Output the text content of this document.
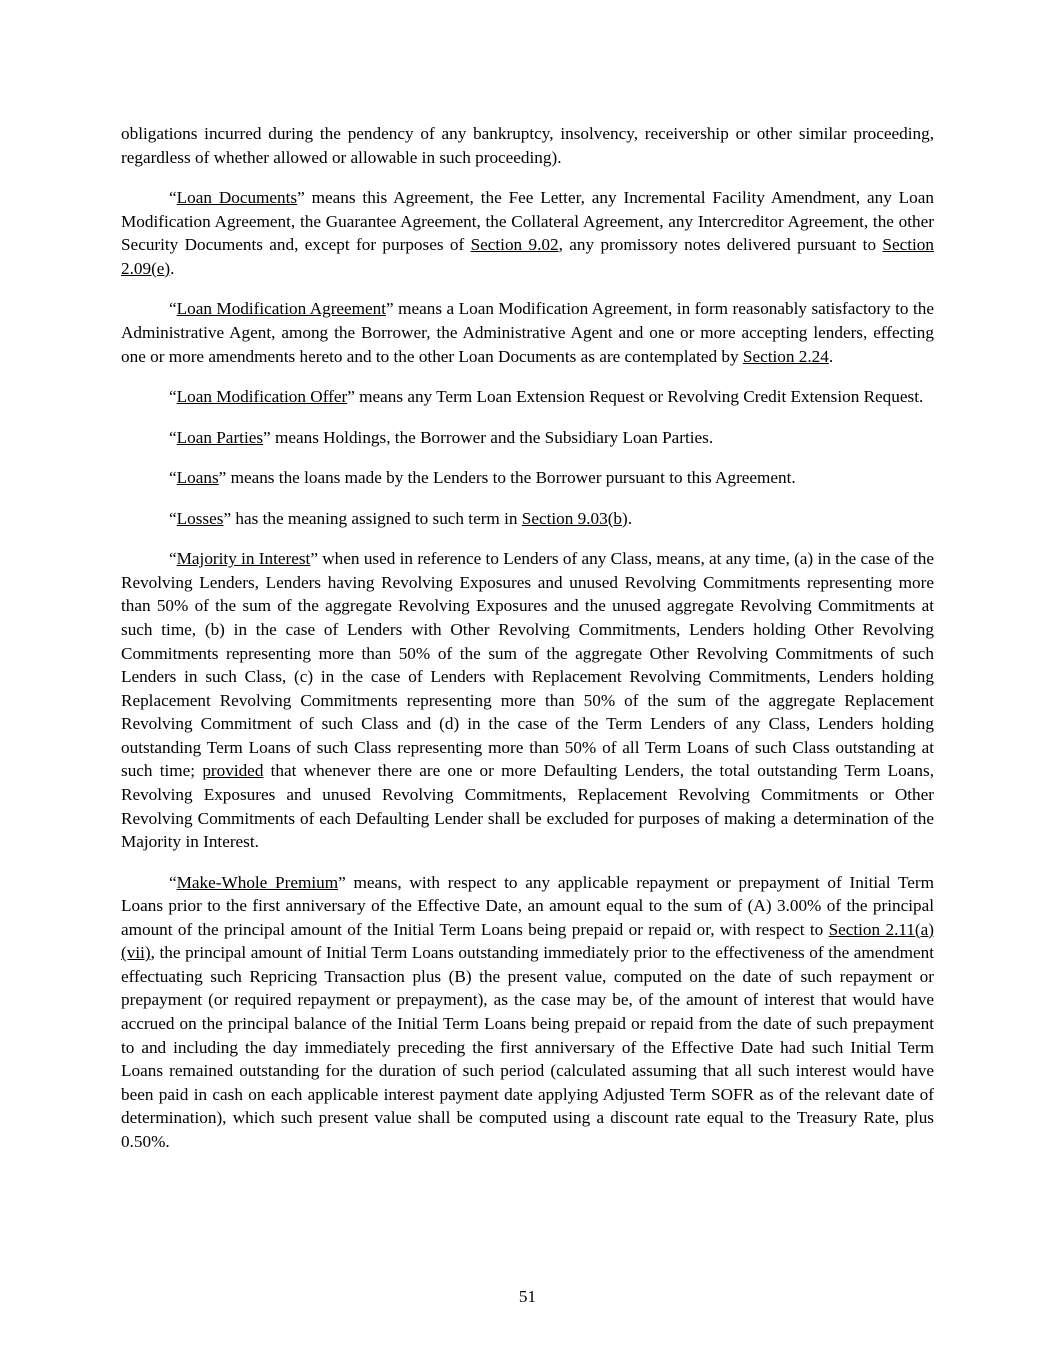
obligations incurred during the pendency of any bankruptcy, insolvency, receivership or other similar proceeding, regardless of whether allowed or allowable in such proceeding).

“Loan Documents” means this Agreement, the Fee Letter, any Incremental Facility Amendment, any Loan Modification Agreement, the Guarantee Agreement, the Collateral Agreement, any Intercreditor Agreement, the other Security Documents and, except for purposes of Section 9.02, any promissory notes delivered pursuant to Section 2.09(e).

“Loan Modification Agreement” means a Loan Modification Agreement, in form reasonably satisfactory to the Administrative Agent, among the Borrower, the Administrative Agent and one or more accepting lenders, effecting one or more amendments hereto and to the other Loan Documents as are contemplated by Section 2.24.

“Loan Modification Offer” means any Term Loan Extension Request or Revolving Credit Extension Request.

“Loan Parties” means Holdings, the Borrower and the Subsidiary Loan Parties.

“Loans” means the loans made by the Lenders to the Borrower pursuant to this Agreement.

“Losses” has the meaning assigned to such term in Section 9.03(b).

“Majority in Interest” when used in reference to Lenders of any Class, means, at any time, (a) in the case of the Revolving Lenders, Lenders having Revolving Exposures and unused Revolving Commitments representing more than 50% of the sum of the aggregate Revolving Exposures and the unused aggregate Revolving Commitments at such time, (b) in the case of Lenders with Other Revolving Commitments, Lenders holding Other Revolving Commitments representing more than 50% of the sum of the aggregate Other Revolving Commitments of such Lenders in such Class, (c) in the case of Lenders with Replacement Revolving Commitments, Lenders holding Replacement Revolving Commitments representing more than 50% of the sum of the aggregate Replacement Revolving Commitment of such Class and (d) in the case of the Term Lenders of any Class, Lenders holding outstanding Term Loans of such Class representing more than 50% of all Term Loans of such Class outstanding at such time; provided that whenever there are one or more Defaulting Lenders, the total outstanding Term Loans, Revolving Exposures and unused Revolving Commitments, Replacement Revolving Commitments or Other Revolving Commitments of each Defaulting Lender shall be excluded for purposes of making a determination of the Majority in Interest.

“Make-Whole Premium” means, with respect to any applicable repayment or prepayment of Initial Term Loans prior to the first anniversary of the Effective Date, an amount equal to the sum of (A) 3.00% of the principal amount of the principal amount of the Initial Term Loans being prepaid or repaid or, with respect to Section 2.11(a)(vii), the principal amount of Initial Term Loans outstanding immediately prior to the effectiveness of the amendment effectuating such Repricing Transaction plus (B) the present value, computed on the date of such repayment or prepayment (or required repayment or prepayment), as the case may be, of the amount of interest that would have accrued on the principal balance of the Initial Term Loans being prepaid or repaid from the date of such prepayment to and including the day immediately preceding the first anniversary of the Effective Date had such Initial Term Loans remained outstanding for the duration of such period (calculated assuming that all such interest would have been paid in cash on each applicable interest payment date applying Adjusted Term SOFR as of the relevant date of determination), which such present value shall be computed using a discount rate equal to the Treasury Rate, plus 0.50%.

51
